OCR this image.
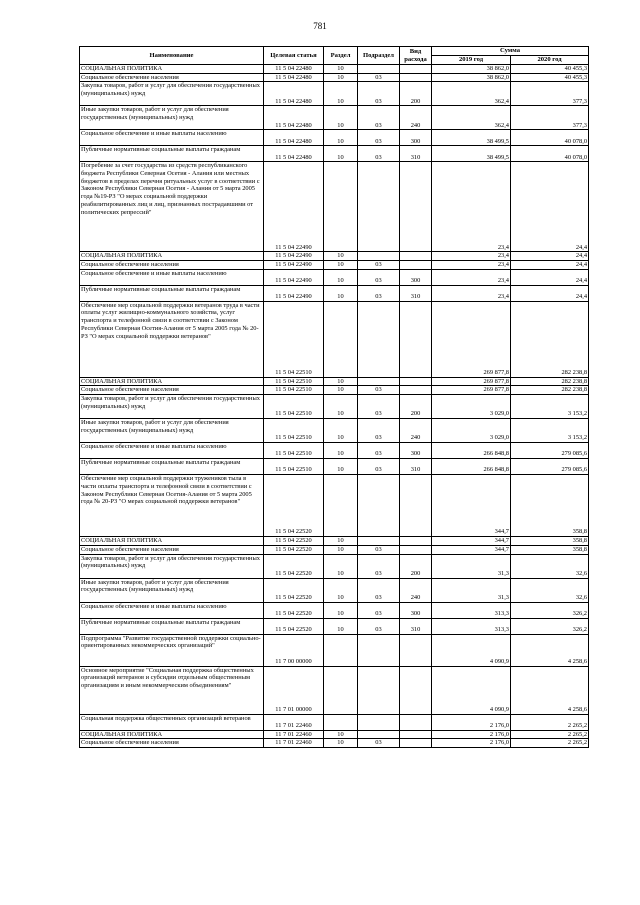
781
Наименование	Целевая статья	Раздел	Подраздел	Вид расхода	Сумма	
					2019 год	2020 год
СОЦИАЛЬНАЯ ПОЛИТИКА	11 5 04 22480	10			38 862,0	40 455,3
Социальное обеспечение населения	11 5 04 22480	10	03		38 862,0	40 455,3
Закупка товаров, работ и услуг для обеспечения государственных (муниципальных) нужд	11 5 04 22480	10	03	200	362,4	377,3
Иные закупки товаров, работ и услуг для обеспечения государственных (муниципальных) нужд	11 5 04 22480	10	03	240	362,4	377,3
Социальное обеспечение и иные выплаты населению	11 5 04 22480	10	03	300	38 499,5	40 078,0
Публичные нормативные социальные выплаты гражданам	11 5 04 22480	10	03	310	38 499,5	40 078,0
Погребение за счет государства из средств республиканского бюджета Республики Северная Осетия - Алания или местных бюджетов в пределах перечня ритуальных услуг в соответствии с Законом Республики Северная Осетия - Алания от 5 марта 2005 года №19-РЗ "О мерах социальной поддержки реабилитированных лиц и лиц, признанных пострадавшими от политических репрессий"	11 5 04 22490				23,4	24,4
СОЦИАЛЬНАЯ ПОЛИТИКА	11 5 04 22490	10			23,4	24,4
Социальное обеспечение населения	11 5 04 22490	10	03		23,4	24,4
Социальное обеспечение и иные выплаты населению	11 5 04 22490	10	03	300	23,4	24,4
Публичные нормативные социальные выплаты гражданам	11 5 04 22490	10	03	310	23,4	24,4
Обеспечение мер социальной поддержки ветеранов труда в части оплаты услуг жилищно-коммунального хозяйства, услуг транспорта и телефонной связи в соответствии с Законом Республики Северная Осетия-Алания от 5 марта 2005 года № 20- РЗ "О мерах социальной поддержки ветеранов"	11 5 04 22510				269 877,8	282 238,8
СОЦИАЛЬНАЯ ПОЛИТИКА	11 5 04 22510	10			269 877,8	282 238,8
Социальное обеспечение населения	11 5 04 22510	10	03		269 877,8	282 238,8
Закупка товаров, работ и услуг для обеспечения государственных (муниципальных) нужд	11 5 04 22510	10	03	200	3 029,0	3 153,2
Иные закупки товаров, работ и услуг для обеспечения государственных (муниципальных) нужд	11 5 04 22510	10	03	240	3 029,0	3 153,2
Социальное обеспечение и иные выплаты населению	11 5 04 22510	10	03	300	266 848,8	279 085,6
Публичные нормативные социальные выплаты гражданам	11 5 04 22510	10	03	310	266 848,8	279 085,6
Обеспечение мер социальной поддержки тружеников тыла в части оплаты транспорта и телефонной связи в соответствии с Законом Республики Северная Осетия-Алания от 5 марта 2005 года № 20-РЗ "О мерах социальной поддержки ветеранов"	11 5 04 22520				344,7	358,8
СОЦИАЛЬНАЯ ПОЛИТИКА	11 5 04 22520	10			344,7	358,8
Социальное обеспечение населения	11 5 04 22520	10	03		344,7	358,8
Закупка товаров, работ и услуг для обеспечения государственных (муниципальных) нужд	11 5 04 22520	10	03	200	31,3	32,6
Иные закупки товаров, работ и услуг для обеспечения государственных (муниципальных) нужд	11 5 04 22520	10	03	240	31,3	32,6
Социальное обеспечение и иные выплаты населению	11 5 04 22520	10	03	300	313,3	326,2
Публичные нормативные социальные выплаты гражданам	11 5 04 22520	10	03	310	313,3	326,2
Подпрограмма "Развитие государственной поддержки социально-ориентированных некоммерческих организаций"	11 7 00 00000				4 090,9	4 258,6
Основное мероприятие "Социальная поддержка общественных организаций ветеранов и субсидии отдельным общественным организациям и иным некоммерческим объединениям"	11 7 01 00000				4 090,9	4 258,6
Социальная поддержка общественных организаций ветеранов	11 7 01 22460				2 176,0	2 265,2
СОЦИАЛЬНАЯ ПОЛИТИКА	11 7 01 22460	10			2 176,0	2 265,2
Социальное обеспечение населения	11 7 01 22460	10	03		2 176,0	2 265,2
